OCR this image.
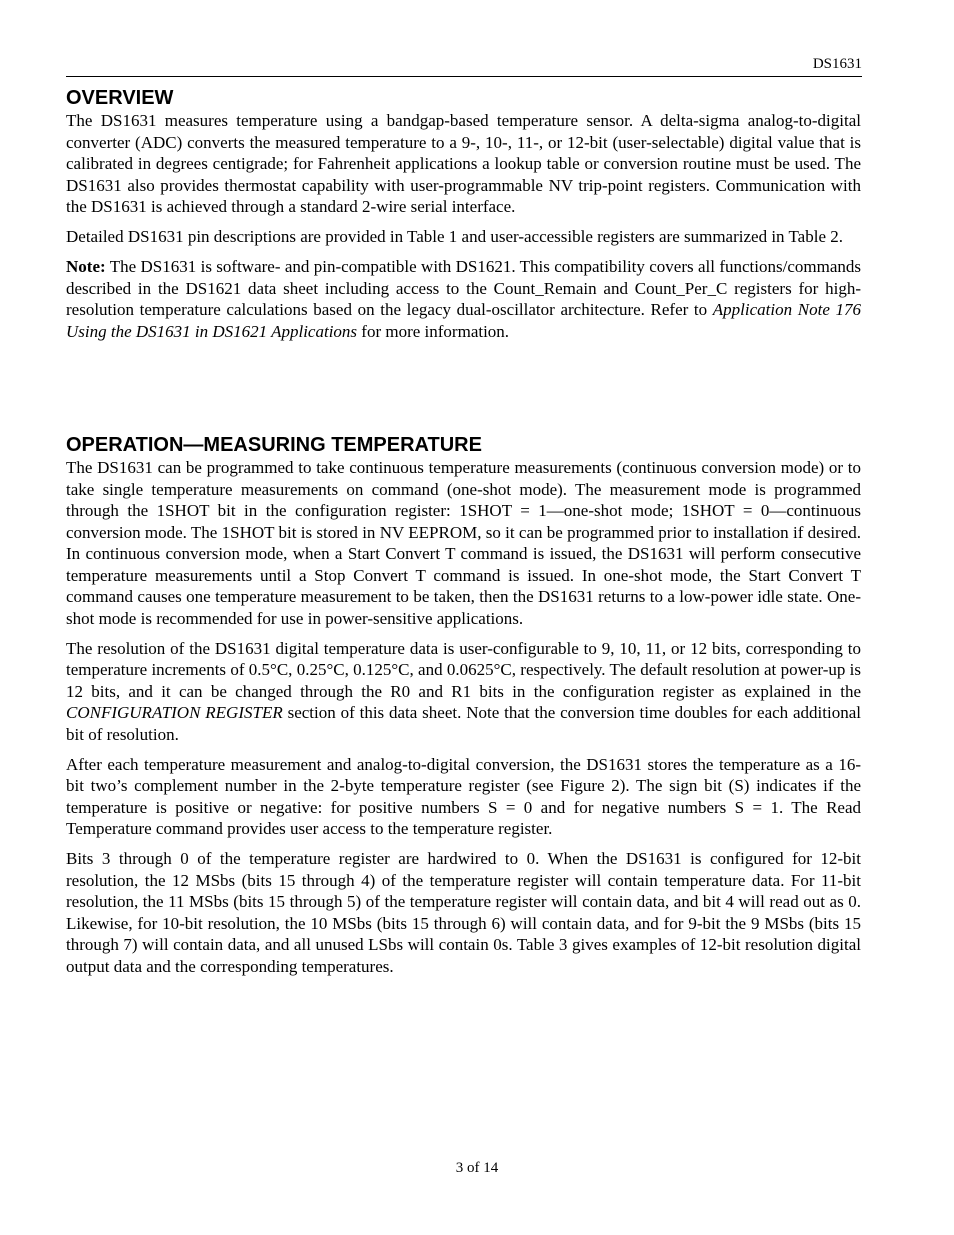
DS1631
OVERVIEW

The DS1631 measures temperature using a bandgap-based temperature sensor. A delta-sigma analog-to-digital converter (ADC) converts the measured temperature to a 9-, 10-, 11-, or 12-bit (user-selectable) digital value that is calibrated in degrees centigrade; for Fahrenheit applications a lookup table or conversion routine must be used. The DS1631 also provides thermostat capability with user-programmable NV trip-point registers. Communication with the DS1631 is achieved through a standard 2-wire serial interface.

Detailed DS1631 pin descriptions are provided in Table 1 and user-accessible registers are summarized in Table 2.

Note: The DS1631 is software- and pin-compatible with DS1621. This compatibility covers all functions/commands described in the DS1621 data sheet including access to the Count_Remain and Count_Per_C registers for high-resolution temperature calculations based on the legacy dual-oscillator architecture. Refer to Application Note 176 Using the DS1631 in DS1621 Applications for more information.

OPERATION—MEASURING TEMPERATURE

The DS1631 can be programmed to take continuous temperature measurements (continuous conversion mode) or to take single temperature measurements on command (one-shot mode). The measurement mode is programmed through the 1SHOT bit in the configuration register: 1SHOT = 1—one-shot mode; 1SHOT = 0—continuous conversion mode. The 1SHOT bit is stored in NV EEPROM, so it can be programmed prior to installation if desired. In continuous conversion mode, when a Start Convert T command is issued, the DS1631 will perform consecutive temperature measurements until a Stop Convert T command is issued. In one-shot mode, the Start Convert T command causes one temperature measurement to be taken, then the DS1631 returns to a low-power idle state. One-shot mode is recommended for use in power-sensitive applications.

The resolution of the DS1631 digital temperature data is user-configurable to 9, 10, 11, or 12 bits, corresponding to temperature increments of 0.5°C, 0.25°C, 0.125°C, and 0.0625°C, respectively. The default resolution at power-up is 12 bits, and it can be changed through the R0 and R1 bits in the configuration register as explained in the CONFIGURATION REGISTER section of this data sheet. Note that the conversion time doubles for each additional bit of resolution.

After each temperature measurement and analog-to-digital conversion, the DS1631 stores the temperature as a 16-bit two’s complement number in the 2-byte temperature register (see Figure 2). The sign bit (S) indicates if the temperature is positive or negative: for positive numbers S = 0 and for negative numbers S = 1. The Read Temperature command provides user access to the temperature register.

Bits 3 through 0 of the temperature register are hardwired to 0. When the DS1631 is configured for 12-bit resolution, the 12 MSbs (bits 15 through 4) of the temperature register will contain temperature data. For 11-bit resolution, the 11 MSbs (bits 15 through 5) of the temperature register will contain data, and bit 4 will read out as 0. Likewise, for 10-bit resolution, the 10 MSbs (bits 15 through 6) will contain data, and for 9-bit the 9 MSbs (bits 15 through 7) will contain data, and all unused LSbs will contain 0s. Table 3 gives examples of 12-bit resolution digital output data and the corresponding temperatures.

3 of 14
